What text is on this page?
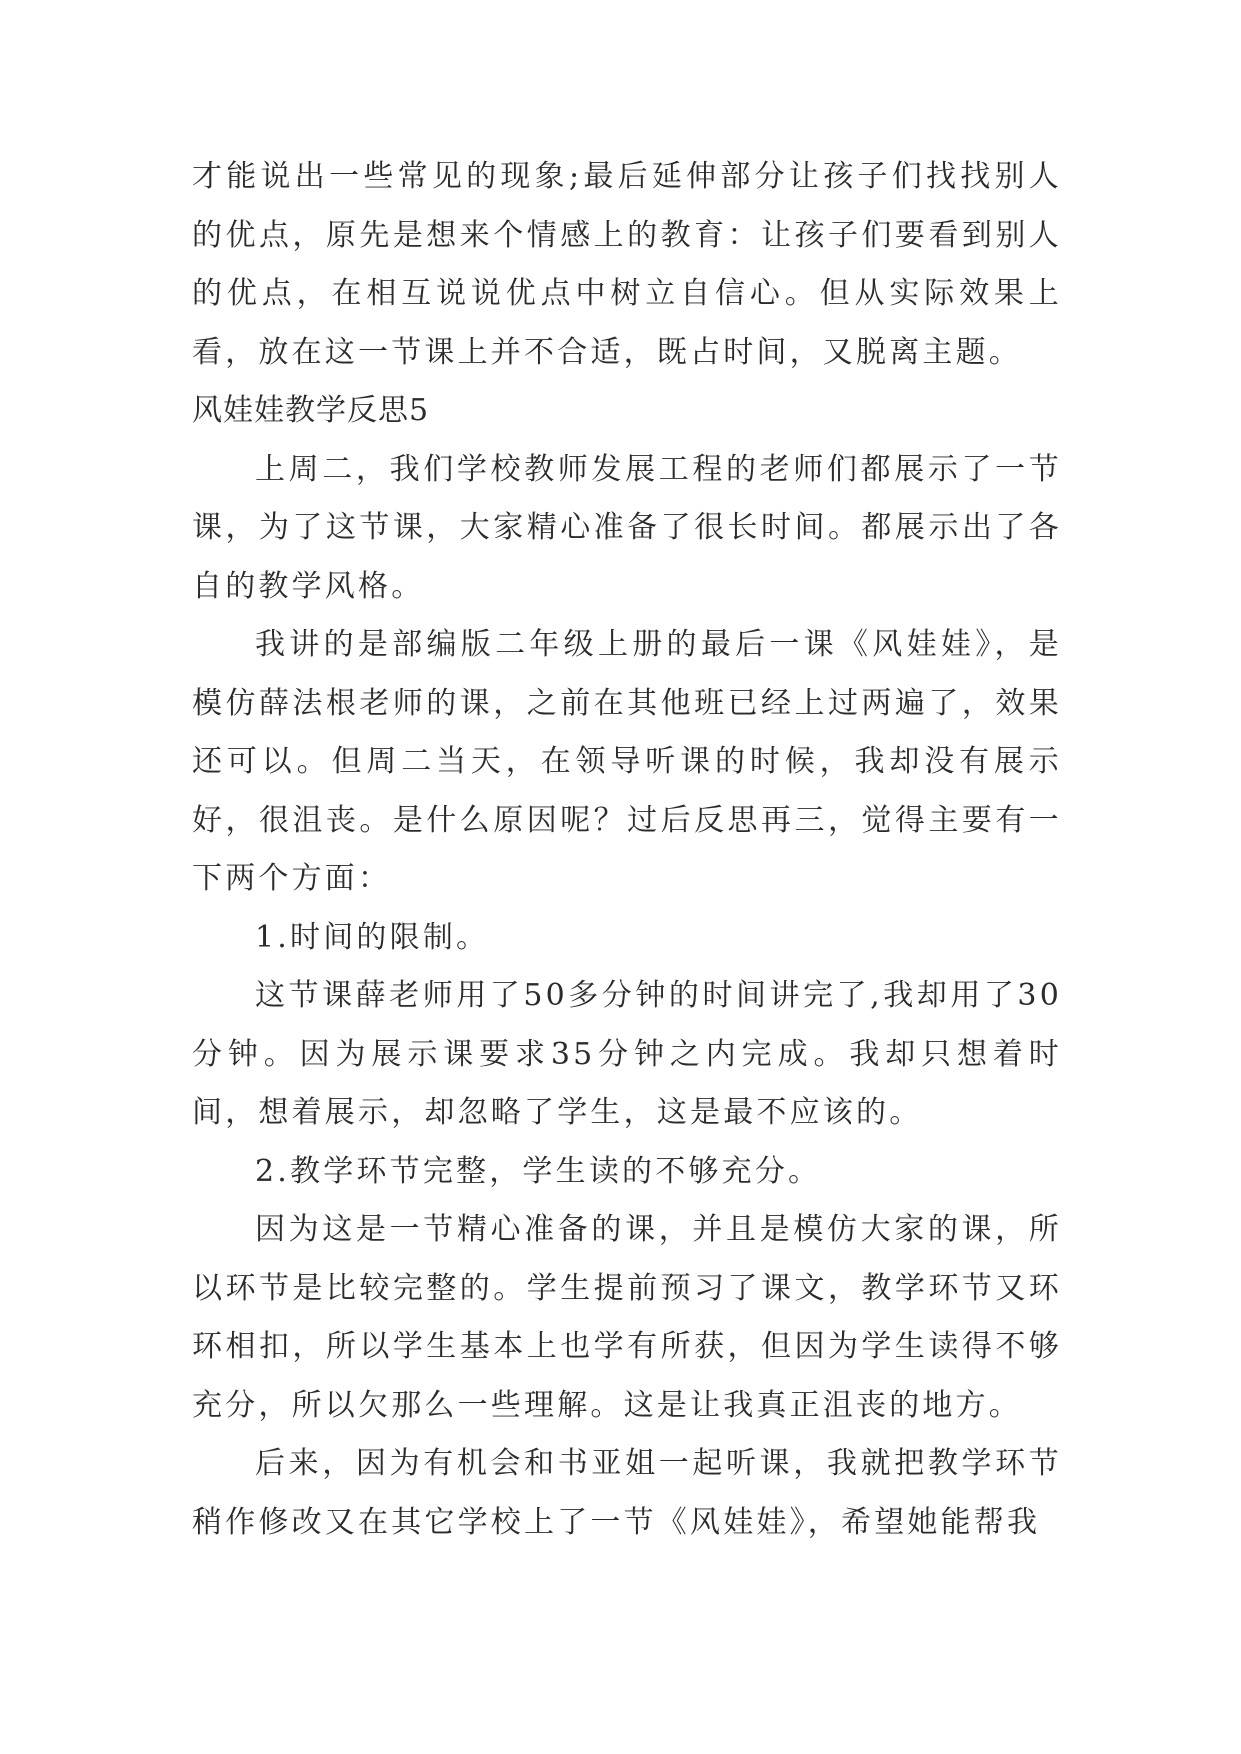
才能说出一些常见的现象;最后延伸部分让孩子们找找别人的优点，原先是想来个情感上的教育：让孩子们要看到别人的优点，在相互说说优点中树立自信心。但从实际效果上看，放在这一节课上并不合适，既占时间，又脱离主题。

风娃娃教学反思5

上周二，我们学校教师发展工程的老师们都展示了一节课，为了这节课，大家精心准备了很长时间。都展示出了各自的教学风格。

我讲的是部编版二年级上册的最后一课《风娃娃》，是模仿薛法根老师的课，之前在其他班已经上过两遍了，效果还可以。但周二当天，在领导听课的时候，我却没有展示好，很沮丧。是什么原因呢？过后反思再三，觉得主要有一下两个方面：

1.时间的限制。

这节课薛老师用了50多分钟的时间讲完了,我却用了30分钟。因为展示课要求35分钟之内完成。我却只想着时间，想着展示，却忽略了学生，这是最不应该的。

2.教学环节完整，学生读的不够充分。

因为这是一节精心准备的课，并且是模仿大家的课，所以环节是比较完整的。学生提前预习了课文，教学环节又环环相扣，所以学生基本上也学有所获，但因为学生读得不够充分，所以欠那么一些理解。这是让我真正沮丧的地方。

后来，因为有机会和书亚姐一起听课，我就把教学环节稍作修改又在其它学校上了一节《风娃娃》，希望她能帮我
